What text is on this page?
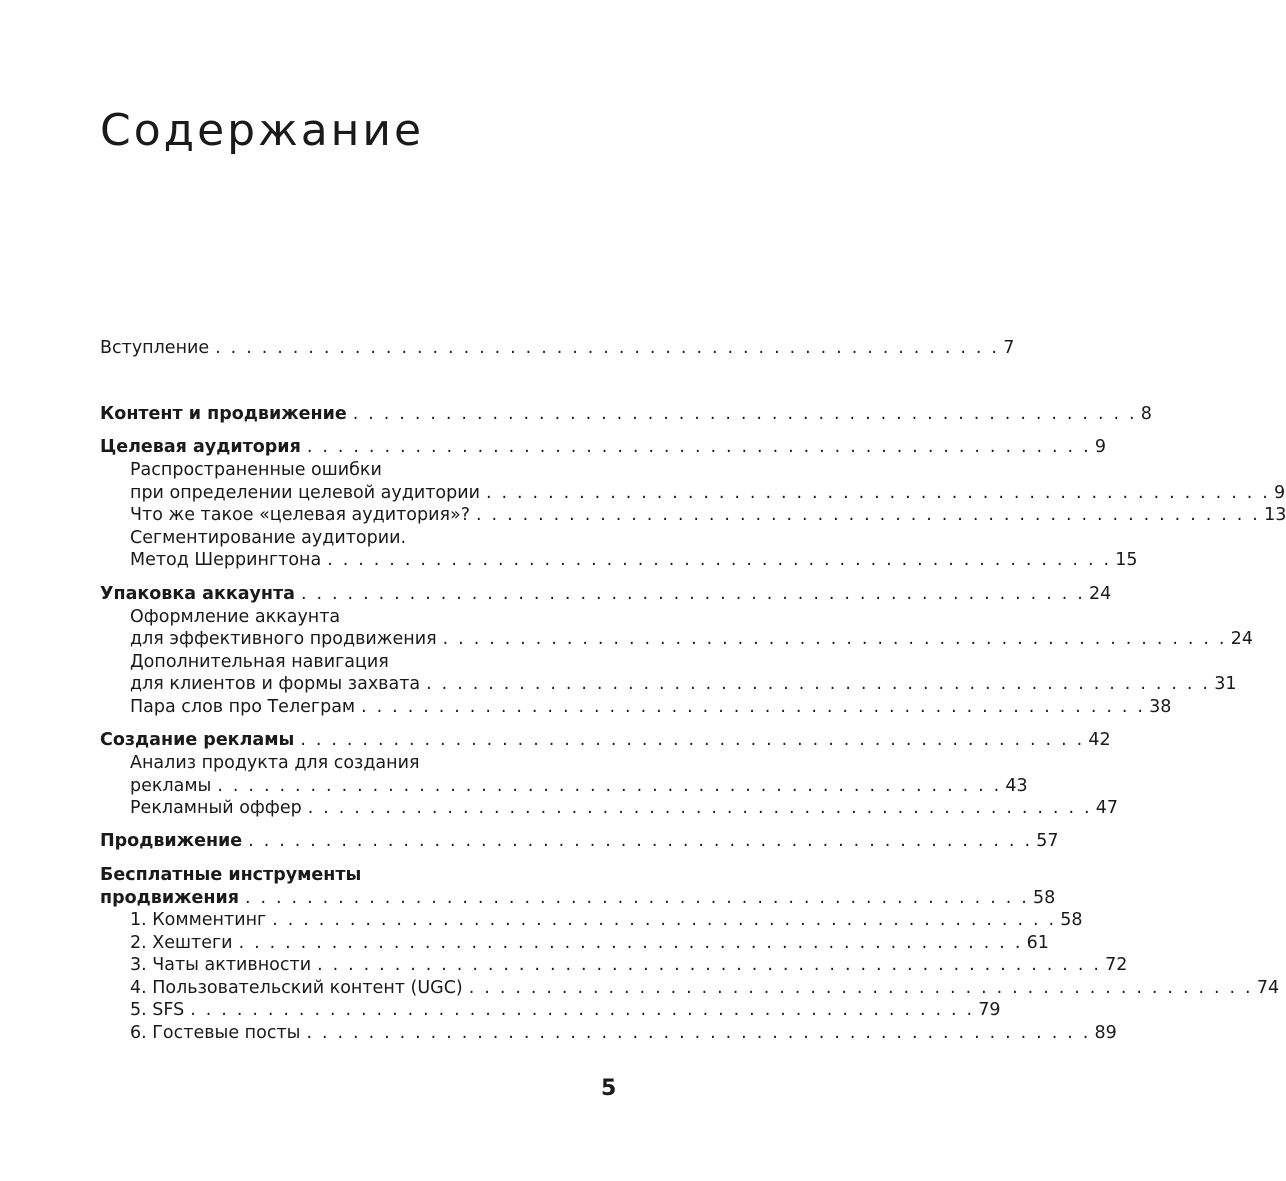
Содержание
Вступление . . . . . . . . . . . . . . . . . . . . . . . . . . . . . . . . . . . . . . . . . . . . . . . . . . . 7
Контент и продвижение . . . . . . . . . . . . . . . . . . . . . . . . . . . . . . . . . . . . . . . . . . . . . . . . . . . 8
Целевая аудитория . . . . . . . . . . . . . . . . . . . . . . . . . . . . . . . . . . . . . . . . . . . . . . . . . . . 9
Распространенные ошибки
при определении целевой аудитории . . . . . . . . . . . . . . . . . . . . . . . . . . . . . . . . . . . . . . . . . . . . . . . . . . . 9
Что же такое «целевая аудитория»? . . . . . . . . . . . . . . . . . . . . . . . . . . . . . . . . . . . . . . . . . . . . . . . . . . . 13
Сегментирование аудитории.
Метод Шеррингтона . . . . . . . . . . . . . . . . . . . . . . . . . . . . . . . . . . . . . . . . . . . . . . . . . . . 15
Упаковка аккаунта . . . . . . . . . . . . . . . . . . . . . . . . . . . . . . . . . . . . . . . . . . . . . . . . . . . 24
Оформление аккаунта
для эффективного продвижения . . . . . . . . . . . . . . . . . . . . . . . . . . . . . . . . . . . . . . . . . . . . . . . . . . . 24
Дополнительная навигация
для клиентов и формы захвата . . . . . . . . . . . . . . . . . . . . . . . . . . . . . . . . . . . . . . . . . . . . . . . . . . . 31
Пара слов про Телеграм . . . . . . . . . . . . . . . . . . . . . . . . . . . . . . . . . . . . . . . . . . . . . . . . . . . 38
Создание рекламы . . . . . . . . . . . . . . . . . . . . . . . . . . . . . . . . . . . . . . . . . . . . . . . . . . . 42
Анализ продукта для создания
рекламы . . . . . . . . . . . . . . . . . . . . . . . . . . . . . . . . . . . . . . . . . . . . . . . . . . . 43
Рекламный оффер . . . . . . . . . . . . . . . . . . . . . . . . . . . . . . . . . . . . . . . . . . . . . . . . . . . 47
Продвижение . . . . . . . . . . . . . . . . . . . . . . . . . . . . . . . . . . . . . . . . . . . . . . . . . . . 57
Бесплатные инструменты
продвижения . . . . . . . . . . . . . . . . . . . . . . . . . . . . . . . . . . . . . . . . . . . . . . . . . . . 58
1. Комментинг . . . . . . . . . . . . . . . . . . . . . . . . . . . . . . . . . . . . . . . . . . . . . . . . . . . 58
2. Хештеги . . . . . . . . . . . . . . . . . . . . . . . . . . . . . . . . . . . . . . . . . . . . . . . . . . . 61
3. Чаты активности . . . . . . . . . . . . . . . . . . . . . . . . . . . . . . . . . . . . . . . . . . . . . . . . . . . 72
4. Пользовательский контент (UGC) . . . . . . . . . . . . . . . . . . . . . . . . . . . . . . . . . . . . . . . . . . . . . . . . . . . 74
5. SFS . . . . . . . . . . . . . . . . . . . . . . . . . . . . . . . . . . . . . . . . . . . . . . . . . . . 79
6. Гостевые посты . . . . . . . . . . . . . . . . . . . . . . . . . . . . . . . . . . . . . . . . . . . . . . . . . . . 89
5
